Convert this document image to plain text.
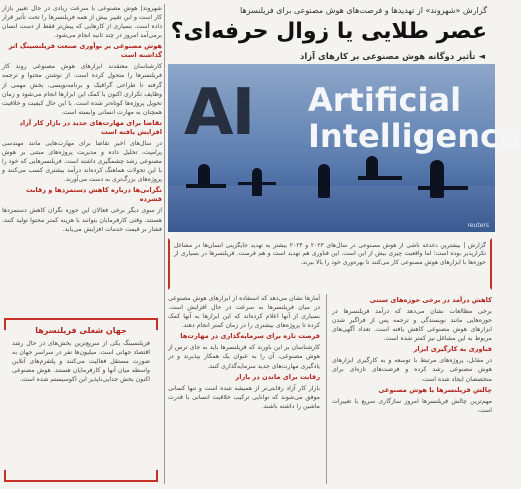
شهروند| هوش مصنوعی با سرعت زیادی در حال تغییر بازار کار است و این تغییر بیش از همه فریلنسرها را تحت تأثیر قرار داده است. بسیاری از کارهایی که پیش‌تر فقط از دست انسان برمی‌آمد امروز در چند ثانیه انجام می‌شود.

هوش مصنوعی بر نوآوری صنعت فریلنسینگ اثر گذاشته است

کارشناسان معتقدند ابزارهای هوش مصنوعی روند کار فریلنسرها را متحول کرده است. از نوشتن محتوا و ترجمه گرفته تا طراحی گرافیک و برنامه‌نویسی، بخش مهمی از وظایف تکراری اکنون با کمک این ابزارها انجام می‌شود و زمان تحویل پروژه‌ها کوتاه‌تر شده است. با این حال کیفیت و خلاقیت همچنان به مهارت انسانی وابسته است.

تقاضا برای مهارت‌های جدید در بازار کار آزاد افزایش یافته است

در سال‌های اخیر تقاضا برای مهارت‌هایی مانند مهندسی پرامپت، تحلیل داده و مدیریت پروژه‌های مبتنی بر هوش مصنوعی رشد چشمگیری داشته است. فریلنسرهایی که خود را با این تحولات هماهنگ کرده‌اند درآمد بیشتری کسب می‌کنند و پروژه‌های بزرگ‌تری به دست می‌آورند.

نگرانی‌ها درباره کاهش دستمزدها و رقابت فشرده

از سوی دیگر برخی فعالان این حوزه نگران کاهش دستمزدها هستند. وقتی کارفرمایان بتوانند با هزینه کمتر محتوا تولید کنند، فشار بر قیمت خدمات افزایش می‌یابد.

جهان شغلی فریلنسرها

فریلنسینگ یکی از سریع‌ترین بخش‌های در حال رشد اقتصاد جهانی است. میلیون‌ها نفر در سراسر جهان به صورت مستقل فعالیت می‌کنند و پلتفرم‌های آنلاین واسطه میان آنها و کارفرمایان هستند. هوش مصنوعی اکنون بخش جدایی‌ناپذیر این اکوسیستم شده است.

گزارش «شهروند» از تهدیدها و فرصت‌های هوش مصنوعی برای فریلنسرها
عصر طلایی یا زوال حرفه‌ای؟
◄ تأثیر دوگانه هوش مصنوعی بر کارهای آزاد
AI Artificial
Intelligence
reuters

گزارش | بیشترین دغدغه ناشی از هوش مصنوعی در سال‌های ۲۰۲۳ و ۲۰۲۴ بیشتر به تهدید جایگزینی انسان‌ها در مشاغل تکرارپذیر بوده است؛ اما واقعیت چیزی بیش از این است. این فناوری هم تهدید است و هم فرصت. فریلنسرها در بسیاری از حوزه‌ها با ابزارهای هوش مصنوعی کار می‌کنند تا بهره‌وری خود را بالا ببرند.

آمارها نشان می‌دهد که استفاده از ابزارهای هوش مصنوعی در میان فریلنسرها به سرعت در حال افزایش است. بسیاری از آنها اعلام کرده‌اند که این ابزارها به آنها کمک کرده تا پروژه‌های بیشتری را در زمان کمتر انجام دهند.

فرصت تازه برای سرمایه‌گذاری در مهارت‌ها

کارشناسان بر این باورند که فریلنسرها باید به جای ترس از هوش مصنوعی، آن را به عنوان یک همکار بپذیرند و در یادگیری مهارت‌های جدید سرمایه‌گذاری کنند.

رقابت برای ماندن در بازار

بازار کار آزاد رقابتی‌تر از همیشه شده است و تنها کسانی موفق می‌شوند که توانایی ترکیب خلاقیت انسانی با قدرت ماشین را داشته باشند.

کاهش درآمد در برخی حوزه‌های سنتی

برخی مطالعات نشان می‌دهد که درآمد فریلنسرها در حوزه‌هایی مانند نویسندگی و ترجمه پس از فراگیر شدن ابزارهای هوش مصنوعی کاهش یافته است. تعداد آگهی‌های مربوط به این مشاغل نیز کمتر شده است.

فناوری به کارگیری ابزار

در مقابل، پروژه‌های مرتبط با توسعه و به کارگیری ابزارهای هوش مصنوعی رشد کرده و فرصت‌های تازه‌ای برای متخصصان ایجاد شده است.

چالش فریلنسرها با هوش مصنوعی

مهم‌ترین چالش فریلنسرها امروز سازگاری سریع با تغییرات است.
